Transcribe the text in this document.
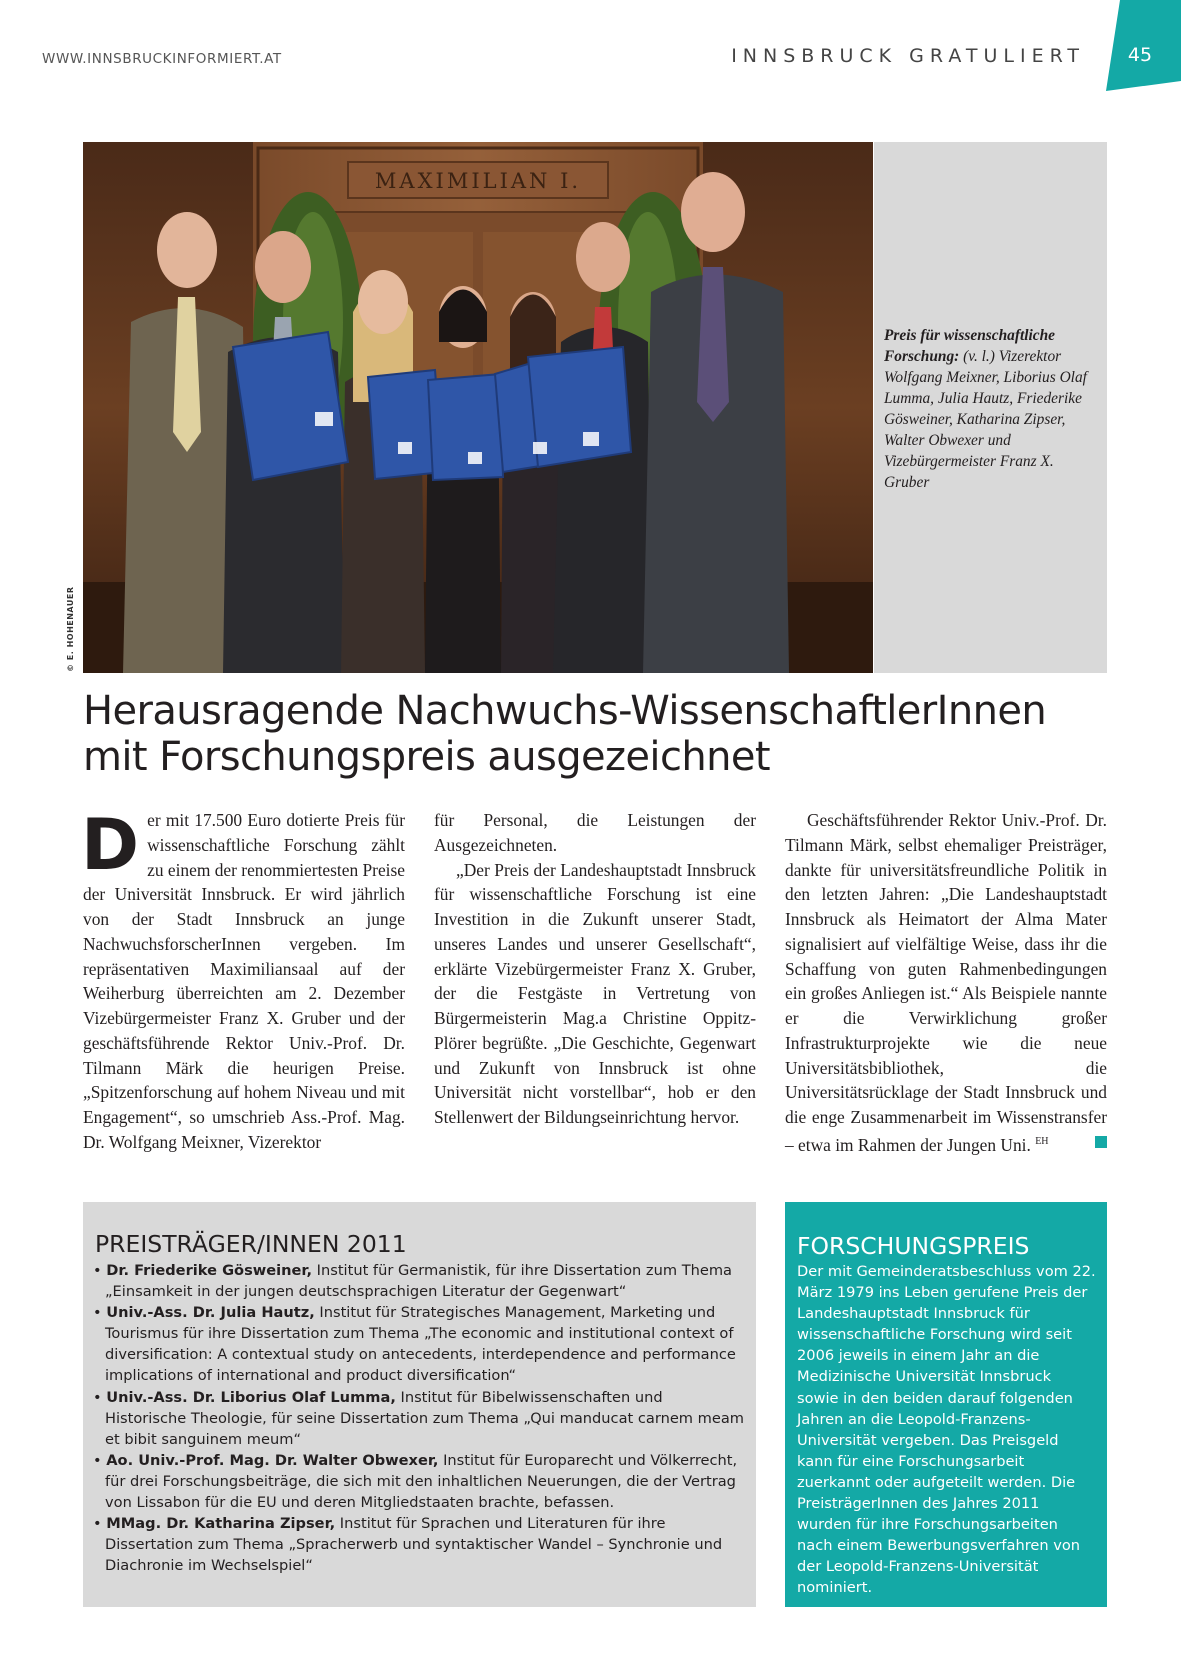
WWW.INNSBRUCKINFORMIERT.AT	INNSBRUCK GRATULIERT	45
MAXIMILIAN I.
Preis für wissenschaftliche Forschung: (v. l.) Vizerektor Wolfgang Meixner, Liborius Olaf Lumma, Julia Hautz, Friederike Gösweiner, Katharina Zipser, Walter Obwexer und Vizebürgermeister Franz X. Gruber
© E. HOHENAUER
Herausragende Nachwuchs-WissenschaftlerInnen mit Forschungspreis ausgezeichnet
D er mit 17.500 Euro dotierte Preis für wissenschaftliche Forschung zählt zu einem der renommiertesten Preise der Universität Innsbruck. Er wird jährlich von der Stadt Innsbruck an junge NachwuchsforscherInnen vergeben. Im repräsentativen Maximiliansaal auf der Weiherburg überreichten am 2. Dezember Vizebürgermeister Franz X. Gruber und der geschäftsführende Rektor Univ.-Prof. Dr. Tilmann Märk die heurigen Preise. „Spitzenforschung auf hohem Niveau und mit Engagement“, so umschrieb Ass.-Prof. Mag. Dr. Wolfgang Meixner, Vizerektor

für Personal, die Leistungen der Ausgezeichneten.

„Der Preis der Landeshauptstadt Innsbruck für wissenschaftliche Forschung ist eine Investition in die Zukunft unserer Stadt, unseres Landes und unserer Gesellschaft“, erklärte Vizebürgermeister Franz X. Gruber, der die Festgäste in Vertretung von Bürgermeisterin Mag.a Christine Oppitz-Plörer begrüßte. „Die Geschichte, Gegenwart und Zukunft von Innsbruck ist ohne Universität nicht vorstellbar“, hob er den Stellenwert der Bildungseinrichtung hervor.

Geschäftsführender Rektor Univ.-Prof. Dr. Tilmann Märk, selbst ehemaliger Preisträger, dankte für universitätsfreundliche Politik in den letzten Jahren: „Die Landeshauptstadt Innsbruck als Heimatort der Alma Mater signalisiert auf vielfältige Weise, dass ihr die Schaffung von guten Rahmenbedingungen ein großes Anliegen ist.“ Als Beispiele nannte er die Verwirklichung großer Infrastrukturprojekte wie die neue Universitätsbibliothek, die Universitätsrücklage der Stadt Innsbruck und die enge Zusammenarbeit im Wissenstransfer – etwa im Rahmen der Jungen Uni. $^{EH}$

PREISTRÄGER/INNEN 2011
• Dr. Friederike Gösweiner, Institut für Germanistik, für ihre Dissertation zum Thema „Einsamkeit in der jungen deutschsprachigen Literatur der Gegenwart“
• Univ.-Ass. Dr. Julia Hautz, Institut für Strategisches Management, Marketing und Tourismus für ihre Dissertation zum Thema „The economic and institutional context of diversification: A contextual study on antecedents, interdependence and performance implications of international and product diversification“
• Univ.-Ass. Dr. Liborius Olaf Lumma, Institut für Bibelwissenschaften und Historische Theologie, für seine Dissertation zum Thema „Qui manducat carnem meam et bibit sanguinem meum“
• Ao. Univ.-Prof. Mag. Dr. Walter Obwexer, Institut für Europarecht und Völkerrecht, für drei Forschungsbeiträge, die sich mit den inhaltlichen Neuerungen, die der Vertrag von Lissabon für die EU und deren Mitgliedstaaten brachte, befassen.
• MMag. Dr. Katharina Zipser, Institut für Sprachen und Literaturen für ihre Dissertation zum Thema „Spracherwerb und syntaktischer Wandel – Synchronie und Diachronie im Wechselspiel“
FORSCHUNGSPREIS

Der mit Gemeinderatsbeschluss vom 22. März 1979 ins Leben gerufene Preis der Landeshauptstadt Innsbruck für wissenschaftliche Forschung wird seit 2006 jeweils in einem Jahr an die Medizinische Universität Innsbruck sowie in den beiden darauf folgenden Jahren an die Leopold-Franzens-Universität vergeben. Das Preisgeld kann für eine Forschungsarbeit zuerkannt oder aufgeteilt werden. Die PreisträgerInnen des Jahres 2011 wurden für ihre Forschungsarbeiten nach einem Bewerbungsverfahren von der Leopold-Franzens-Universität nominiert.
